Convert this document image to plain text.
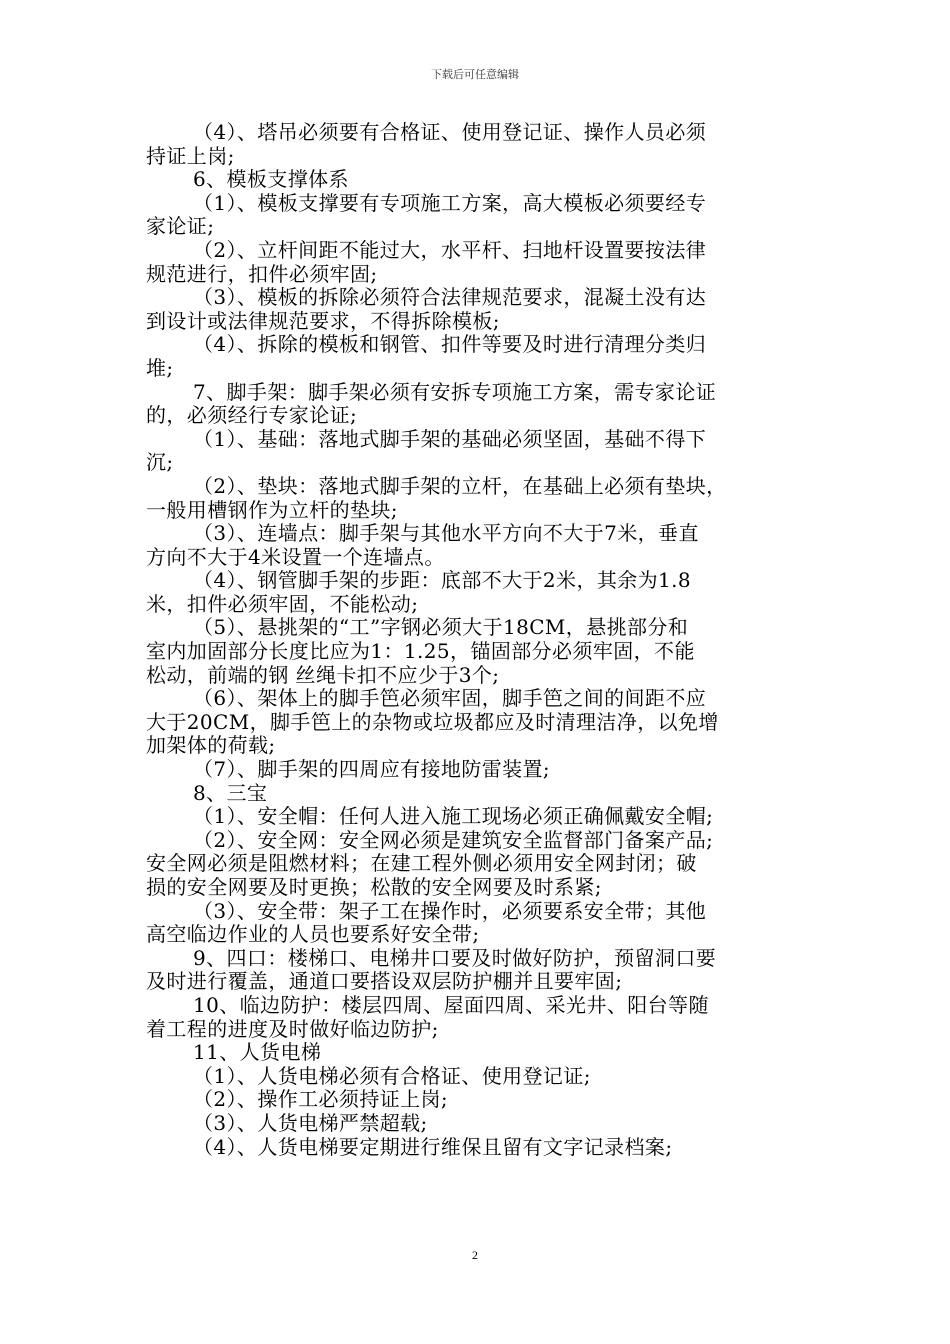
下载后可任意编辑
（4）、塔吊必须要有合格证、使用登记证、操作人员必须
持证上岗;
6、模板支撑体系
（1）、模板支撑要有专项施工方案，高大模板必须要经专
家论证;
（2）、立杆间距不能过大，水平杆、扫地杆设置要按法律
规范进行，扣件必须牢固;
（3）、模板的拆除必须符合法律规范要求，混凝土没有达
到设计或法律规范要求，不得拆除模板;
（4）、拆除的模板和钢管、扣件等要及时进行清理分类归
堆;
7、脚手架：脚手架必须有安拆专项施工方案，需专家论证
的，必须经行专家论证;
（1）、基础：落地式脚手架的基础必须坚固，基础不得下
沉;
（2）、垫块：落地式脚手架的立杆，在基础上必须有垫块，
一般用槽钢作为立杆的垫块;
（3）、连墙点：脚手架与其他水平方向不大于7米，垂直
方向不大于4米设置一个连墙点。
（4）、钢管脚手架的步距：底部不大于2米，其余为1.8
米，扣件必须牢固，不能松动;
（5）、悬挑架的“工”字钢必须大于18CM，悬挑部分和
室内加固部分长度比应为1：1.25，锚固部分必须牢固，不能
松动，前端的钢 丝绳卡扣不应少于3个;
（6）、架体上的脚手笆必须牢固，脚手笆之间的间距不应
大于20CM，脚手笆上的杂物或垃圾都应及时清理洁净，以免增
加架体的荷载;
（7）、脚手架的四周应有接地防雷装置;
8、三宝
（1）、安全帽：任何人进入施工现场必须正确佩戴安全帽;
（2）、安全网：安全网必须是建筑安全监督部门备案产品;
安全网必须是阻燃材料；在建工程外侧必须用安全网封闭；破
损的安全网要及时更换；松散的安全网要及时系紧;
（3）、安全带：架子工在操作时，必须要系安全带；其他
高空临边作业的人员也要系好安全带;
9、四口：楼梯口、电梯井口要及时做好防护，预留洞口要
及时进行覆盖，通道口要搭设双层防护棚并且要牢固;
10、临边防护：楼层四周、屋面四周、采光井、阳台等随
着工程的进度及时做好临边防护;
11、人货电梯
（1）、人货电梯必须有合格证、使用登记证;
（2）、操作工必须持证上岗;
（3）、人货电梯严禁超载;
（4）、人货电梯要定期进行维保且留有文字记录档案;
2
